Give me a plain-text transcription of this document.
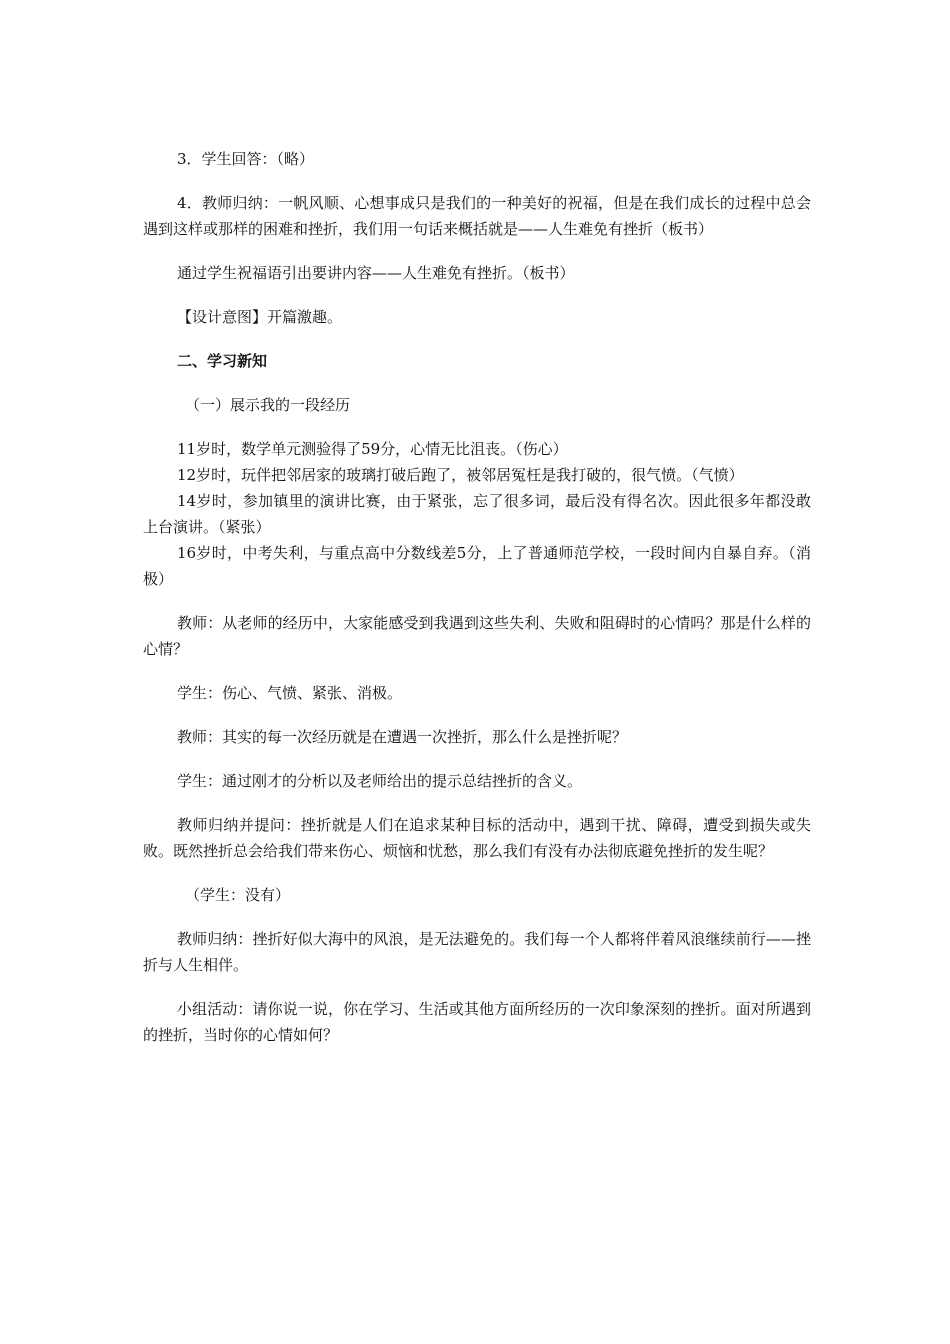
3．学生回答：（略）

4．教师归纳：一帆风顺、心想事成只是我们的一种美好的祝福，但是在我们成长的过程中总会遇到这样或那样的困难和挫折，我们用一句话来概括就是——人生难免有挫折（板书）

通过学生祝福语引出要讲内容——人生难免有挫折。（板书）

【设计意图】开篇激趣。

二、学习新知

（一）展示我的一段经历

11岁时，数学单元测验得了59分，心情无比沮丧。（伤心）

12岁时，玩伴把邻居家的玻璃打破后跑了，被邻居冤枉是我打破的，很气愤。（气愤）

14岁时，参加镇里的演讲比赛，由于紧张，忘了很多词，最后没有得名次。因此很多年都没敢上台演讲。（紧张）

16岁时，中考失利，与重点高中分数线差5分，上了普通师范学校，一段时间内自暴自弃。（消极）

教师：从老师的经历中，大家能感受到我遇到这些失利、失败和阻碍时的心情吗？那是什么样的心情？

学生：伤心、气愤、紧张、消极。

教师：其实的每一次经历就是在遭遇一次挫折，那么什么是挫折呢？

学生：通过刚才的分析以及老师给出的提示总结挫折的含义。

教师归纳并提问：挫折就是人们在追求某种目标的活动中，遇到干扰、障碍，遭受到损失或失败。既然挫折总会给我们带来伤心、烦恼和忧愁，那么我们有没有办法彻底避免挫折的发生呢？

（学生：没有）

教师归纳：挫折好似大海中的风浪，是无法避免的。我们每一个人都将伴着风浪继续前行——挫折与人生相伴。

小组活动：请你说一说，你在学习、生活或其他方面所经历的一次印象深刻的挫折。面对所遇到的挫折，当时你的心情如何？
